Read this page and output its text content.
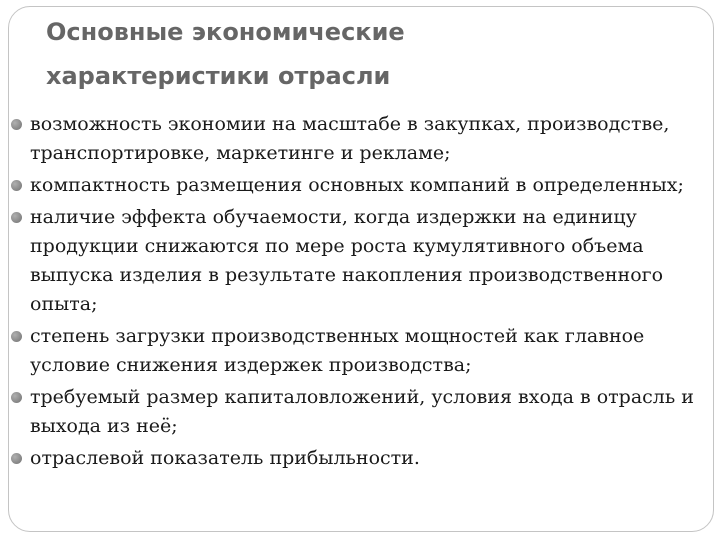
Основные экономические
характеристики отрасли
возможность экономии на масштабе в закупках, производстве, транспортировке, маркетинге и рекламе;
компактность размещения основных компаний в определенных;
наличие эффекта обучаемости, когда издержки на единицу продукции снижаются по мере роста кумулятивного объема выпуска изделия в результате накопления производственного опыта;
степень загрузки производственных мощностей как главное условие снижения издержек производства;
требуемый размер капиталовложений, условия входа в отрасль и выхода из неё;
отраслевой показатель прибыльности.
